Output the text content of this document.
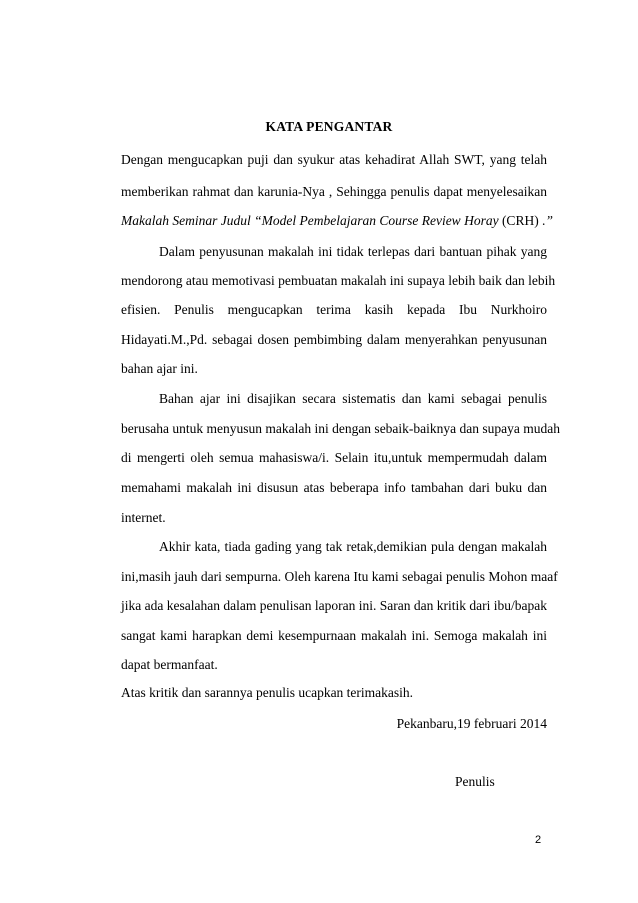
KATA PENGANTAR
Dengan mengucapkan puji dan syukur atas kehadirat Allah SWT, yang telah
memberikan rahmat dan karunia-Nya , Sehingga penulis dapat menyelesaikan
Makalah Seminar Judul “Model Pembelajaran Course Review Horay (CRH) .”
Dalam penyusunan makalah ini tidak terlepas dari bantuan pihak yang
mendorong atau memotivasi pembuatan makalah ini supaya lebih baik dan lebih
efisien. Penulis mengucapkan terima kasih kepada Ibu Nurkhoiro
Hidayati.M.,Pd. sebagai dosen pembimbing dalam menyerahkan penyusunan
bahan ajar ini.
Bahan ajar ini disajikan secara sistematis dan kami sebagai penulis
berusaha untuk menyusun makalah ini dengan sebaik-baiknya dan supaya mudah
di mengerti oleh semua mahasiswa/i. Selain itu,untuk mempermudah dalam
memahami makalah ini disusun atas beberapa info tambahan dari buku dan
internet.
Akhir kata, tiada gading yang tak retak,demikian pula dengan makalah
ini,masih jauh dari sempurna. Oleh karena Itu kami sebagai penulis Mohon maaf
jika ada kesalahan dalam penulisan laporan ini. Saran dan kritik dari ibu/bapak
sangat kami harapkan demi kesempurnaan makalah ini. Semoga makalah ini
dapat bermanfaat.
Atas kritik dan sarannya penulis ucapkan terimakasih.
Pekanbaru,19 februari 2014
Penulis
2
